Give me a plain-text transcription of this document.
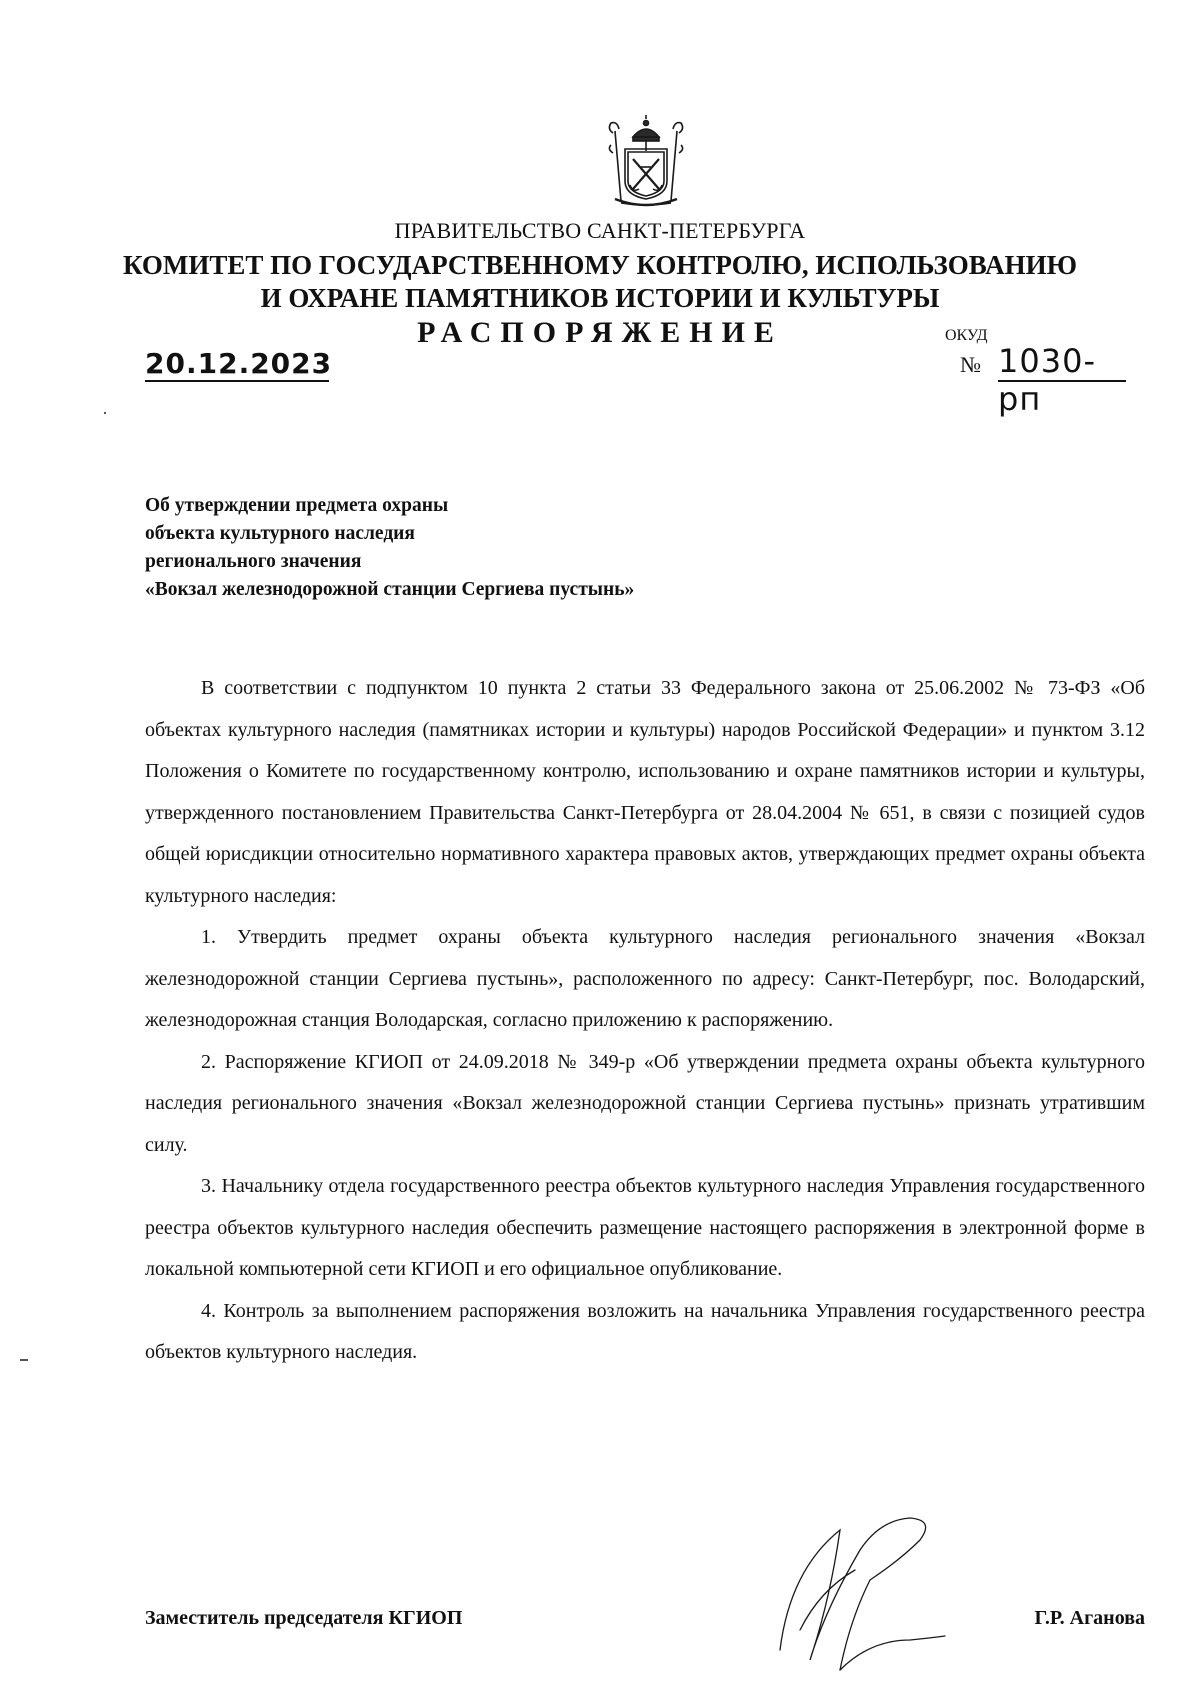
ПРАВИТЕЛЬСТВО САНКТ-ПЕТЕРБУРГА
КОМИТЕТ ПО ГОСУДАРСТВЕННОМУ КОНТРОЛЮ, ИСПОЛЬЗОВАНИЮ
И ОХРАНЕ ПАМЯТНИКОВ ИСТОРИИ И КУЛЬТУРЫ
РАСПОРЯЖЕНИЕ	ОКУД
20.12.2023	№ 1030-рп
Об утверждении предмета охраны
объекта культурного наследия
регионального значения
«Вокзал железнодорожной станции Сергиева пустынь»

В соответствии с подпунктом 10 пункта 2 статьи 33 Федерального закона от 25.06.2002 № 73-ФЗ «Об объектах культурного наследия (памятниках истории и культуры) народов Российской Федерации» и пунктом 3.12 Положения о Комитете по государственному контролю, использованию и охране памятников истории и культуры, утвержденного постановлением Правительства Санкт-Петербурга от 28.04.2004 № 651, в связи с позицией судов общей юрисдикции относительно нормативного характера правовых актов, утверждающих предмет охраны объекта культурного наследия:

1. Утвердить предмет охраны объекта культурного наследия регионального значения «Вокзал железнодорожной станции Сергиева пустынь», расположенного по адресу: Санкт-Петербург, пос. Володарский, железнодорожная станция Володарская, согласно приложению к распоряжению.

2. Распоряжение КГИОП от 24.09.2018 № 349-р «Об утверждении предмета охраны объекта культурного наследия регионального значения «Вокзал железнодорожной станции Сергиева пустынь» признать утратившим силу.

3. Начальнику отдела государственного реестра объектов культурного наследия Управления государственного реестра объектов культурного наследия обеспечить размещение настоящего распоряжения в электронной форме в локальной компьютерной сети КГИОП и его официальное опубликование.

4. Контроль за выполнением распоряжения возложить на начальника Управления государственного реестра объектов культурного наследия.

Заместитель председателя КГИОП	Г.Р. Аганова
